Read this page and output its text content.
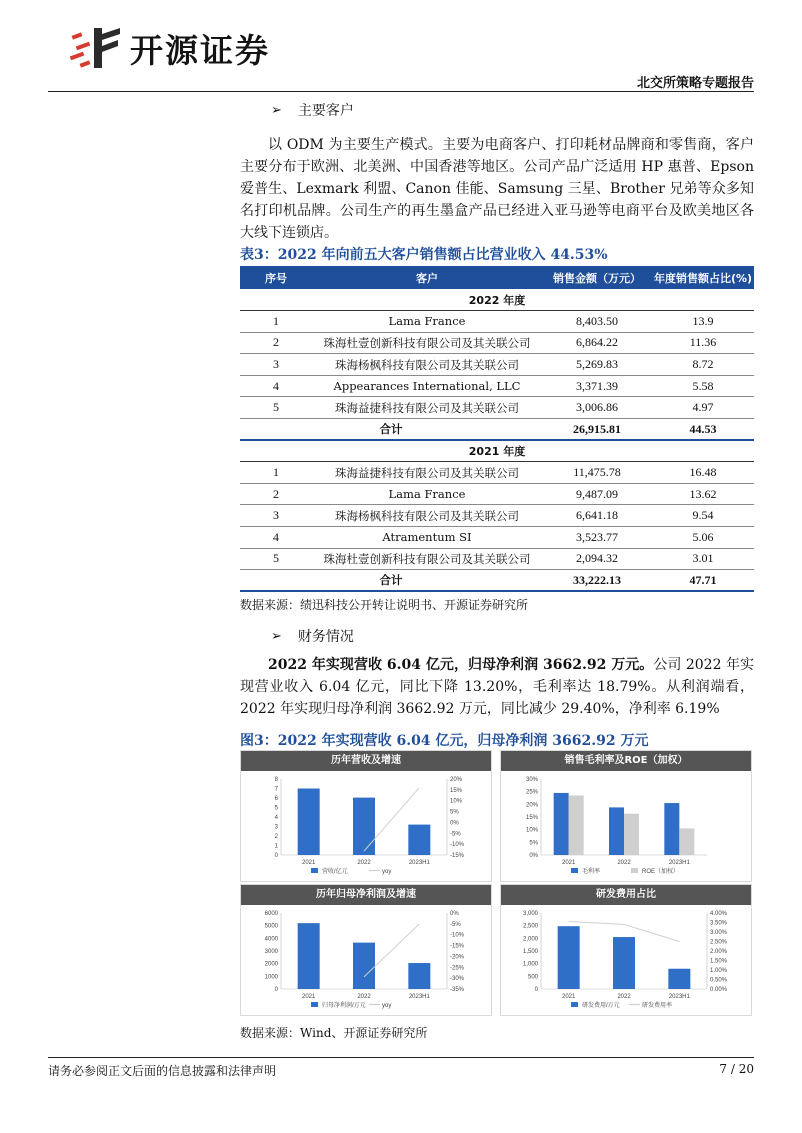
开源证券
北交所策略专题报告
➢ 主要客户
以 ODM 为主要生产模式。主要为电商客户、打印耗材品牌商和零售商，客户主要分布于欧洲、北美洲、中国香港等地区。公司产品广泛适用 HP 惠普、Epson 爱普生、Lexmark 利盟、Canon 佳能、Samsung 三星、Brother 兄弟等众多知名打印机品牌。公司生产的再生墨盒产品已经进入亚马逊等电商平台及欧美地区各大线下连锁店。
表3：2022 年向前五大客户销售额占比营业收入 44.53%
序号	客户	销售金额（万元）	年度销售额占比(%)
2022 年度			
1	Lama France	8,403.50	13.9
2	珠海杜壹创新科技有限公司及其关联公司	6,864.22	11.36
3	珠海杨枫科技有限公司及其关联公司	5,269.83	8.72
4	Appearances International, LLC	3,371.39	5.58
5	珠海益捷科技有限公司及其关联公司	3,006.86	4.97
合计		26,915.81	44.53
2021 年度			
1	珠海益捷科技有限公司及其关联公司	11,475.78	16.48
2	Lama France	9,487.09	13.62
3	珠海杨枫科技有限公司及其关联公司	6,641.18	9.54
4	Atramentum SI	3,523.77	5.06
5	珠海杜壹创新科技有限公司及其关联公司	2,094.32	3.01
合计		33,222.13	47.71
数据来源：绩迅科技公开转让说明书、开源证券研究所
➢ 财务情况
2022 年实现营收 6.04 亿元，归母净利润 3662.92 万元。公司 2022 年实现营业收入 6.04 亿元，同比下降 13.20%，毛利率达 18.79%。从利润端看，2022 年实现归母净利润 3662.92 万元，同比减少 29.40%，净利率 6.19%
图3：2022 年实现营收 6.04 亿元，归母净利润 3662.92 万元
历年营收及增速
0
1
2
3
4
5
6
7
8
-15%
-10%
-5%
0%
5%
10%
15%
20%
2021	2022	2023H1
营收/亿元	yoy
销售毛利率及ROE（加权）
0%
5%
10%
15%
20%
25%
30%
2021	2022	2023H1
毛利率	ROE（加权）
历年归母净利润及增速
0
1000
2000
3000
4000
5000
6000
-35%
-30%
-25%
-20%
-15%
-10%
-5%
0%
2021	2022	2023H1
归母净利润/万元	yoy
研发费用占比
0
500
1,000
1,500
2,000
2,500
3,000
0.00%
0.50%
1.00%
1.50%
2.00%
2.50%
3.00%
3.50%
4.00%
2021	2022	2023H1
研发费用/万元	研发费用率
数据来源：Wind、开源证券研究所
请务必参阅正文后面的信息披露和法律声明	7 / 20
